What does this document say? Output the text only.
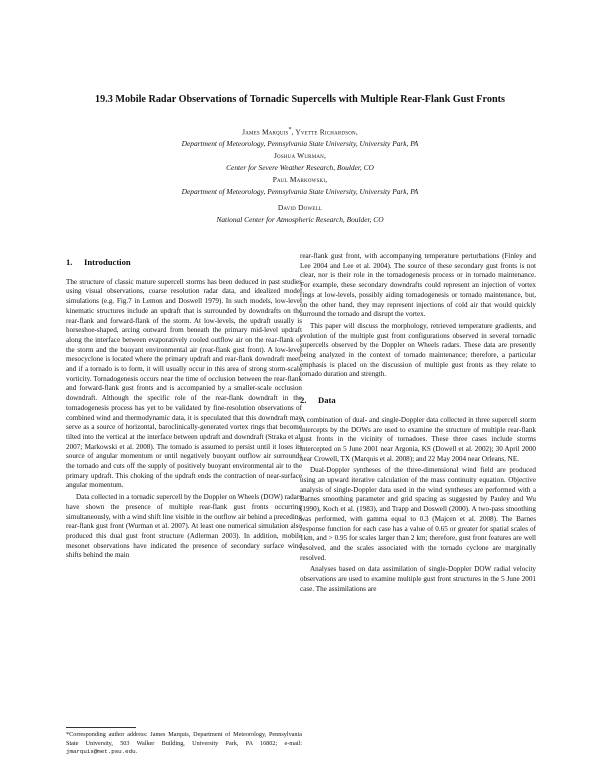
19.3 Mobile Radar Observations of Tornadic Supercells with Multiple Rear-Flank Gust Fronts
James Marquis*, Yvette Richardson,
Department of Meteorology, Pennsylvania State University, University Park, PA
Joshua Wurman,
Center for Severe Weather Research, Boulder, CO
Paul Markowski,
Department of Meteorology, Pennsylvania State University, University Park, PA
David Dowell
National Center for Atmospheric Research, Boulder, CO
1. Introduction

The structure of classic mature supercell storms has been deduced in past studies using visual observations, coarse resolution radar data, and idealized model simulations (e.g. Fig.7 in Lemon and Doswell 1979). In such models, low-level kinematic structures include an updraft that is surrounded by downdrafts on the rear-flank and forward-flank of the storm. At low-levels, the updraft usually is horseshoe-shaped, arcing outward from beneath the primary mid-level updraft along the interface between evaporatively cooled outflow air on the rear-flank of the storm and the buoyant environmental air (rear-flank gust front). A low-level mesocyclone is located where the primary updraft and rear-flank downdraft meet, and if a tornado is to form, it will usually occur in this area of strong storm-scale vorticity. Tornadogenesis occurs near the time of occlusion between the rear-flank and forward-flank gust fronts and is accompanied by a smaller-scale occlusion downdraft. Although the specific role of the rear-flank downdraft in the tornadogenesis process has yet to be validated by fine-resolution observations of combined wind and thermodynamic data, it is speculated that this downdraft may serve as a source of horizontal, baroclinically-generated vortex rings that become tilted into the vertical at the interface between updraft and downdraft (Straka et al. 2007; Markowski et al. 2008). The tornado is assumed to persist until it loses its source of angular momentum or until negatively buoyant outflow air surrounds the tornado and cuts off the supply of positively buoyant environmental air to the primary updraft. This choking of the updraft ends the contraction of near-surface angular momentum.

Data collected in a tornadic supercell by the Doppler on Wheels (DOW) radars have shown the presence of multiple rear-flank gust fronts occurring simultaneously, with a wind shift line visible in the outflow air behind a preceding rear-flank gust front (Wurman et al. 2007). At least one numerical simulation also produced this dual gust front structure (Adlerman 2003). In addition, mobile mesonet observations have indicated the presence of secondary surface wind shifts behind the main

rear-flank gust front, with accompanying temperature perturbations (Finley and Lee 2004 and Lee et al. 2004). The source of these secondary gust fronts is not clear, nor is their role in the tornadogenesis process or in tornado maintenance. For example, these secondary downdrafts could represent an injection of vortex rings at low-levels, possibly aiding tornadogenesis or tornado maintenance, but, on the other hand, they may represent injections of cold air that would quickly surround the tornado and disrupt the vortex.

This paper will discuss the morphology, retrieved temperature gradients, and evolution of the multiple gust front configurations observed in several tornadic supercells observed by the Doppler on Wheels radars. These data are presently being analyzed in the context of tornado maintenance; therefore, a particular emphasis is placed on the discussion of multiple gust fronts as they relate to tornado duration and strength.

2. Data

A combination of dual- and single-Doppler data collected in three supercell storm intercepts by the DOWs are used to examine the structure of multiple rear-flank gust fronts in the vicinity of tornadoes. These three cases include storms intercepted on 5 June 2001 near Argonia, KS (Dowell et al. 2002); 30 April 2000 near Crowell, TX (Marquis et al. 2008); and 22 May 2004 near Orleans, NE.

Dual-Doppler syntheses of the three-dimensional wind field are produced using an upward iterative calculation of the mass continuity equation. Objective analysis of single-Doppler data used in the wind syntheses are performed with a Barnes smoothing parameter and grid spacing as suggested by Pauley and Wu (1990), Koch et al. (1983), and Trapp and Doswell (2000). A two-pass smoothing was performed, with gamma equal to 0.3 (Majcen et al. 2008). The Barnes response function for each case has a value of 0.65 or greater for spatial scales of 1km, and > 0.95 for scales larger than 2 km; therefore, gust front features are well resolved, and the scales associated with the tornado cyclone are marginally resolved.

Analyses based on data assimilation of single-Doppler DOW radial velocity observations are used to examine multiple gust front structures in the 5 June 2001 case. The assimilations are

*Corresponding author address: James Marquis, Department of Meteorology, Pennsylvania State University, 503 Walker Building, University Park, PA 16802; e-mail: jmarquis@met.psu.edu.
